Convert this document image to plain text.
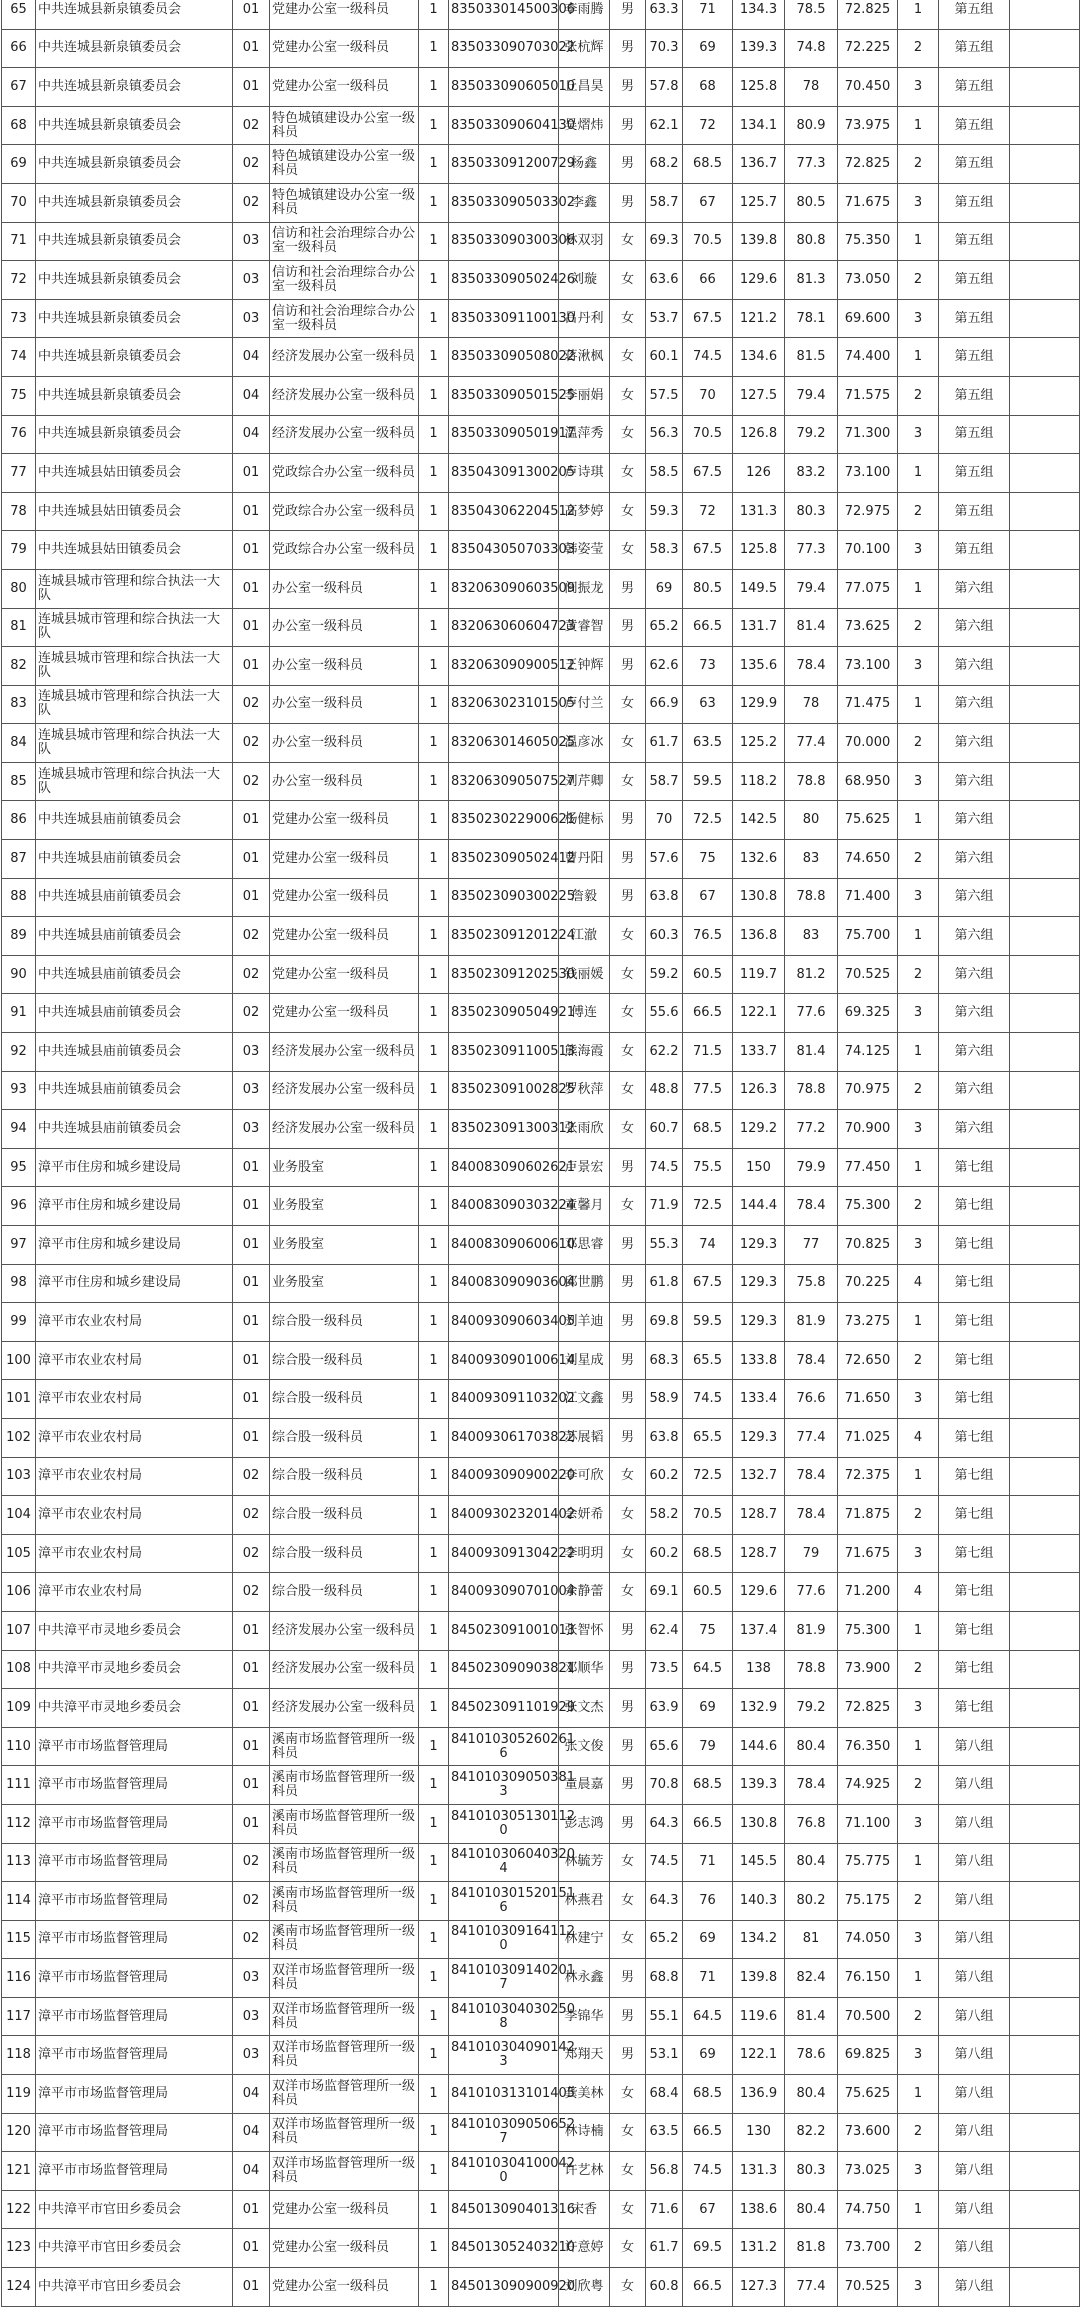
65	中共连城县新泉镇委员会	01	党建办公室一级科员	1	835033014500306	李雨腾	男	63.3	71	134.3	78.5	72.825	1	第五组	
66	中共连城县新泉镇委员会	01	党建办公室一级科员	1	835033090703022	张杭辉	男	70.3	69	139.3	74.8	72.225	2	第五组	
67	中共连城县新泉镇委员会	01	党建办公室一级科员	1	835033090605010	丘昌昊	男	57.8	68	125.8	78	70.450	3	第五组	
68	中共连城县新泉镇委员会	02	特色城镇建设办公室一级科员	1	835033090604130	吴熠炜	男	62.1	72	134.1	80.9	73.975	1	第五组	
69	中共连城县新泉镇委员会	02	特色城镇建设办公室一级科员	1	835033091200729	杨鑫	男	68.2	68.5	136.7	77.3	72.825	2	第五组	
70	中共连城县新泉镇委员会	02	特色城镇建设办公室一级科员	1	835033090503302	李鑫	男	58.7	67	125.7	80.5	71.675	3	第五组	
71	中共连城县新泉镇委员会	03	信访和社会治理综合办公室一级科员	1	835033090300306	林双羽	女	69.3	70.5	139.8	80.8	75.350	1	第五组	
72	中共连城县新泉镇委员会	03	信访和社会治理综合办公室一级科员	1	835033090502426	刘璇	女	63.6	66	129.6	81.3	73.050	2	第五组	
73	中共连城县新泉镇委员会	03	信访和社会治理综合办公室一级科员	1	835033091100130	吕丹利	女	53.7	67.5	121.2	78.1	69.600	3	第五组	
74	中共连城县新泉镇委员会	04	经济发展办公室一级科员	1	835033090508022	蒋湫枫	女	60.1	74.5	134.6	81.5	74.400	1	第五组	
75	中共连城县新泉镇委员会	04	经济发展办公室一级科员	1	835033090501525	李丽娟	女	57.5	70	127.5	79.4	71.575	2	第五组	
76	中共连城县新泉镇委员会	04	经济发展办公室一级科员	1	835033090501917	温萍秀	女	56.3	70.5	126.8	79.2	71.300	3	第五组	
77	中共连城县姑田镇委员会	01	党政综合办公室一级科员	1	835043091300205	卢诗琪	女	58.5	67.5	126	83.2	73.100	1	第五组	
78	中共连城县姑田镇委员会	01	党政综合办公室一级科员	1	835043062204512	高梦婷	女	59.3	72	131.3	80.3	72.975	2	第五组	
79	中共连城县姑田镇委员会	01	党政综合办公室一级科员	1	835043050703303	韩姿莹	女	58.3	67.5	125.8	77.3	70.100	3	第五组	
80	连城县城市管理和综合执法一大队	01	办公室一级科员	1	832063090603509	阎振龙	男	69	80.5	149.5	79.4	77.075	1	第六组	
81	连城县城市管理和综合执法一大队	01	办公室一级科员	1	832063060604723	黄睿智	男	65.2	66.5	131.7	81.4	73.625	2	第六组	
82	连城县城市管理和综合执法一大队	01	办公室一级科员	1	832063090900512	王钟辉	男	62.6	73	135.6	78.4	73.100	3	第六组	
83	连城县城市管理和综合执法一大队	02	办公室一级科员	1	832063023101505	卢付兰	女	66.9	63	129.9	78	71.475	1	第六组	
84	连城县城市管理和综合执法一大队	02	办公室一级科员	1	832063014605025	温彦冰	女	61.7	63.5	125.2	77.4	70.000	2	第六组	
85	连城县城市管理和综合执法一大队	02	办公室一级科员	1	832063090507527	刘芹卿	女	58.7	59.5	118.2	78.8	68.950	3	第六组	
86	中共连城县庙前镇委员会	01	党建办公室一级科员	1	835023022900621	杨健标	男	70	72.5	142.5	80	75.625	1	第六组	
87	中共连城县庙前镇委员会	01	党建办公室一级科员	1	835023090502412	曹丹阳	男	57.6	75	132.6	83	74.650	2	第六组	
88	中共连城县庙前镇委员会	01	党建办公室一级科员	1	835023090300225	詹毅	男	63.8	67	130.8	78.8	71.400	3	第六组	
89	中共连城县庙前镇委员会	02	党建办公室一级科员	1	835023091201224	江澈	女	60.3	76.5	136.8	83	75.700	1	第六组	
90	中共连城县庙前镇委员会	02	党建办公室一级科员	1	835023091202530	钱丽媛	女	59.2	60.5	119.7	81.2	70.525	2	第六组	
91	中共连城县庙前镇委员会	02	党建办公室一级科员	1	835023090504921	傅连	女	55.6	66.5	122.1	77.6	69.325	3	第六组	
92	中共连城县庙前镇委员会	03	经济发展办公室一级科员	1	835023091100513	熊海霞	女	62.2	71.5	133.7	81.4	74.125	1	第六组	
93	中共连城县庙前镇委员会	03	经济发展办公室一级科员	1	835023091002825	罗秋萍	女	48.8	77.5	126.3	78.8	70.975	2	第六组	
94	中共连城县庙前镇委员会	03	经济发展办公室一级科员	1	835023091300312	张雨欣	女	60.7	68.5	129.2	77.2	70.900	3	第六组	
95	漳平市住房和城乡建设局	01	业务股室	1	840083090602621	卢景宏	男	74.5	75.5	150	79.9	77.450	1	第七组	
96	漳平市住房和城乡建设局	01	业务股室	1	840083090303224	童馨月	女	71.9	72.5	144.4	78.4	75.300	2	第七组	
97	漳平市住房和城乡建设局	01	业务股室	1	840083090600610	邓思睿	男	55.3	74	129.3	77	70.825	3	第七组	
98	漳平市住房和城乡建设局	01	业务股室	1	840083090903604	邱世鹏	男	61.8	67.5	129.3	75.8	70.225	4	第七组	
99	漳平市农业农村局	01	综合股一级科员	1	840093090603405	刘羊迪	男	69.8	59.5	129.3	81.9	73.275	1	第七组	
100	漳平市农业农村局	01	综合股一级科员	1	840093090100614	刘星成	男	68.3	65.5	133.8	78.4	72.650	2	第七组	
101	漳平市农业农村局	01	综合股一级科员	1	840093091103202	江文鑫	男	58.9	74.5	133.4	76.6	71.650	3	第七组	
102	漳平市农业农村局	01	综合股一级科员	1	840093061703822	苏展韬	男	63.8	65.5	129.3	77.4	71.025	4	第七组	
103	漳平市农业农村局	02	综合股一级科员	1	840093090900220	李可欣	女	60.2	72.5	132.7	78.4	72.375	1	第七组	
104	漳平市农业农村局	02	综合股一级科员	1	840093023201402	余妍希	女	58.2	70.5	128.7	78.4	71.875	2	第七组	
105	漳平市农业农村局	02	综合股一级科员	1	840093091304222	李明玥	女	60.2	68.5	128.7	79	71.675	3	第七组	
106	漳平市农业农村局	02	综合股一级科员	1	840093090701004	余静蕾	女	69.1	60.5	129.6	77.6	71.200	4	第七组	
107	中共漳平市灵地乡委员会	01	经济发展办公室一级科员	1	845023091001013	张智怀	男	62.4	75	137.4	81.9	75.300	1	第七组	
108	中共漳平市灵地乡委员会	01	经济发展办公室一级科员	1	845023090903821	邓顺华	男	73.5	64.5	138	78.8	73.900	2	第七组	
109	中共漳平市灵地乡委员会	01	经济发展办公室一级科员	1	845023091101929	张文杰	男	63.9	69	132.9	79.2	72.825	3	第七组	
110	漳平市市场监督管理局	01	溪南市场监督管理所一级科员	1	841010305260261 6	张文俊	男	65.6	79	144.6	80.4	76.350	1	第八组	
111	漳平市市场监督管理局	01	溪南市场监督管理所一级科员	1	841010309050381 3	童晨嘉	男	70.8	68.5	139.3	78.4	74.925	2	第八组	
112	漳平市市场监督管理局	01	溪南市场监督管理所一级科员	1	841010305130112 0	彭志鸿	男	64.3	66.5	130.8	76.8	71.100	3	第八组	
113	漳平市市场监督管理局	02	溪南市场监督管理所一级科员	1	841010306040320 4	林毓芳	女	74.5	71	145.5	80.4	75.775	1	第八组	
114	漳平市市场监督管理局	02	溪南市场监督管理所一级科员	1	841010301520151 6	林燕君	女	64.3	76	140.3	80.2	75.175	2	第八组	
115	漳平市市场监督管理局	02	溪南市场监督管理所一级科员	1	841010309164112 0	林建宁	女	65.2	69	134.2	81	74.050	3	第八组	
116	漳平市市场监督管理局	03	双洋市场监督管理所一级科员	1	841010309140201 7	林永鑫	男	68.8	71	139.8	82.4	76.150	1	第八组	
117	漳平市市场监督管理局	03	双洋市场监督管理所一级科员	1	841010304030250 8	李锦华	男	55.1	64.5	119.6	81.4	70.500	2	第八组	
118	漳平市市场监督管理局	03	双洋市场监督管理所一级科员	1	841010304090142 3	郑翔天	男	53.1	69	122.1	78.6	69.825	3	第八组	
119	漳平市市场监督管理局	04	双洋市场监督管理所一级科员	1	841010313101405	龚美林	女	68.4	68.5	136.9	80.4	75.625	1	第八组	
120	漳平市市场监督管理局	04	双洋市场监督管理所一级科员	1	841010309050652 7	林诗楠	女	63.5	66.5	130	82.2	73.600	2	第八组	
121	漳平市市场监督管理局	04	双洋市场监督管理所一级科员	1	841010304100042 0	许艺林	女	56.8	74.5	131.3	80.3	73.025	3	第八组	
122	中共漳平市官田乡委员会	01	党建办公室一级科员	1	845013090401316	宋香	女	71.6	67	138.6	80.4	74.750	1	第八组	
123	中共漳平市官田乡委员会	01	党建办公室一级科员	1	845013052403210	许意婷	女	61.7	69.5	131.2	81.8	73.700	2	第八组	
124	中共漳平市官田乡委员会	01	党建办公室一级科员	1	845013090900920	刘欣粤	女	60.8	66.5	127.3	77.4	70.525	3	第八组	
